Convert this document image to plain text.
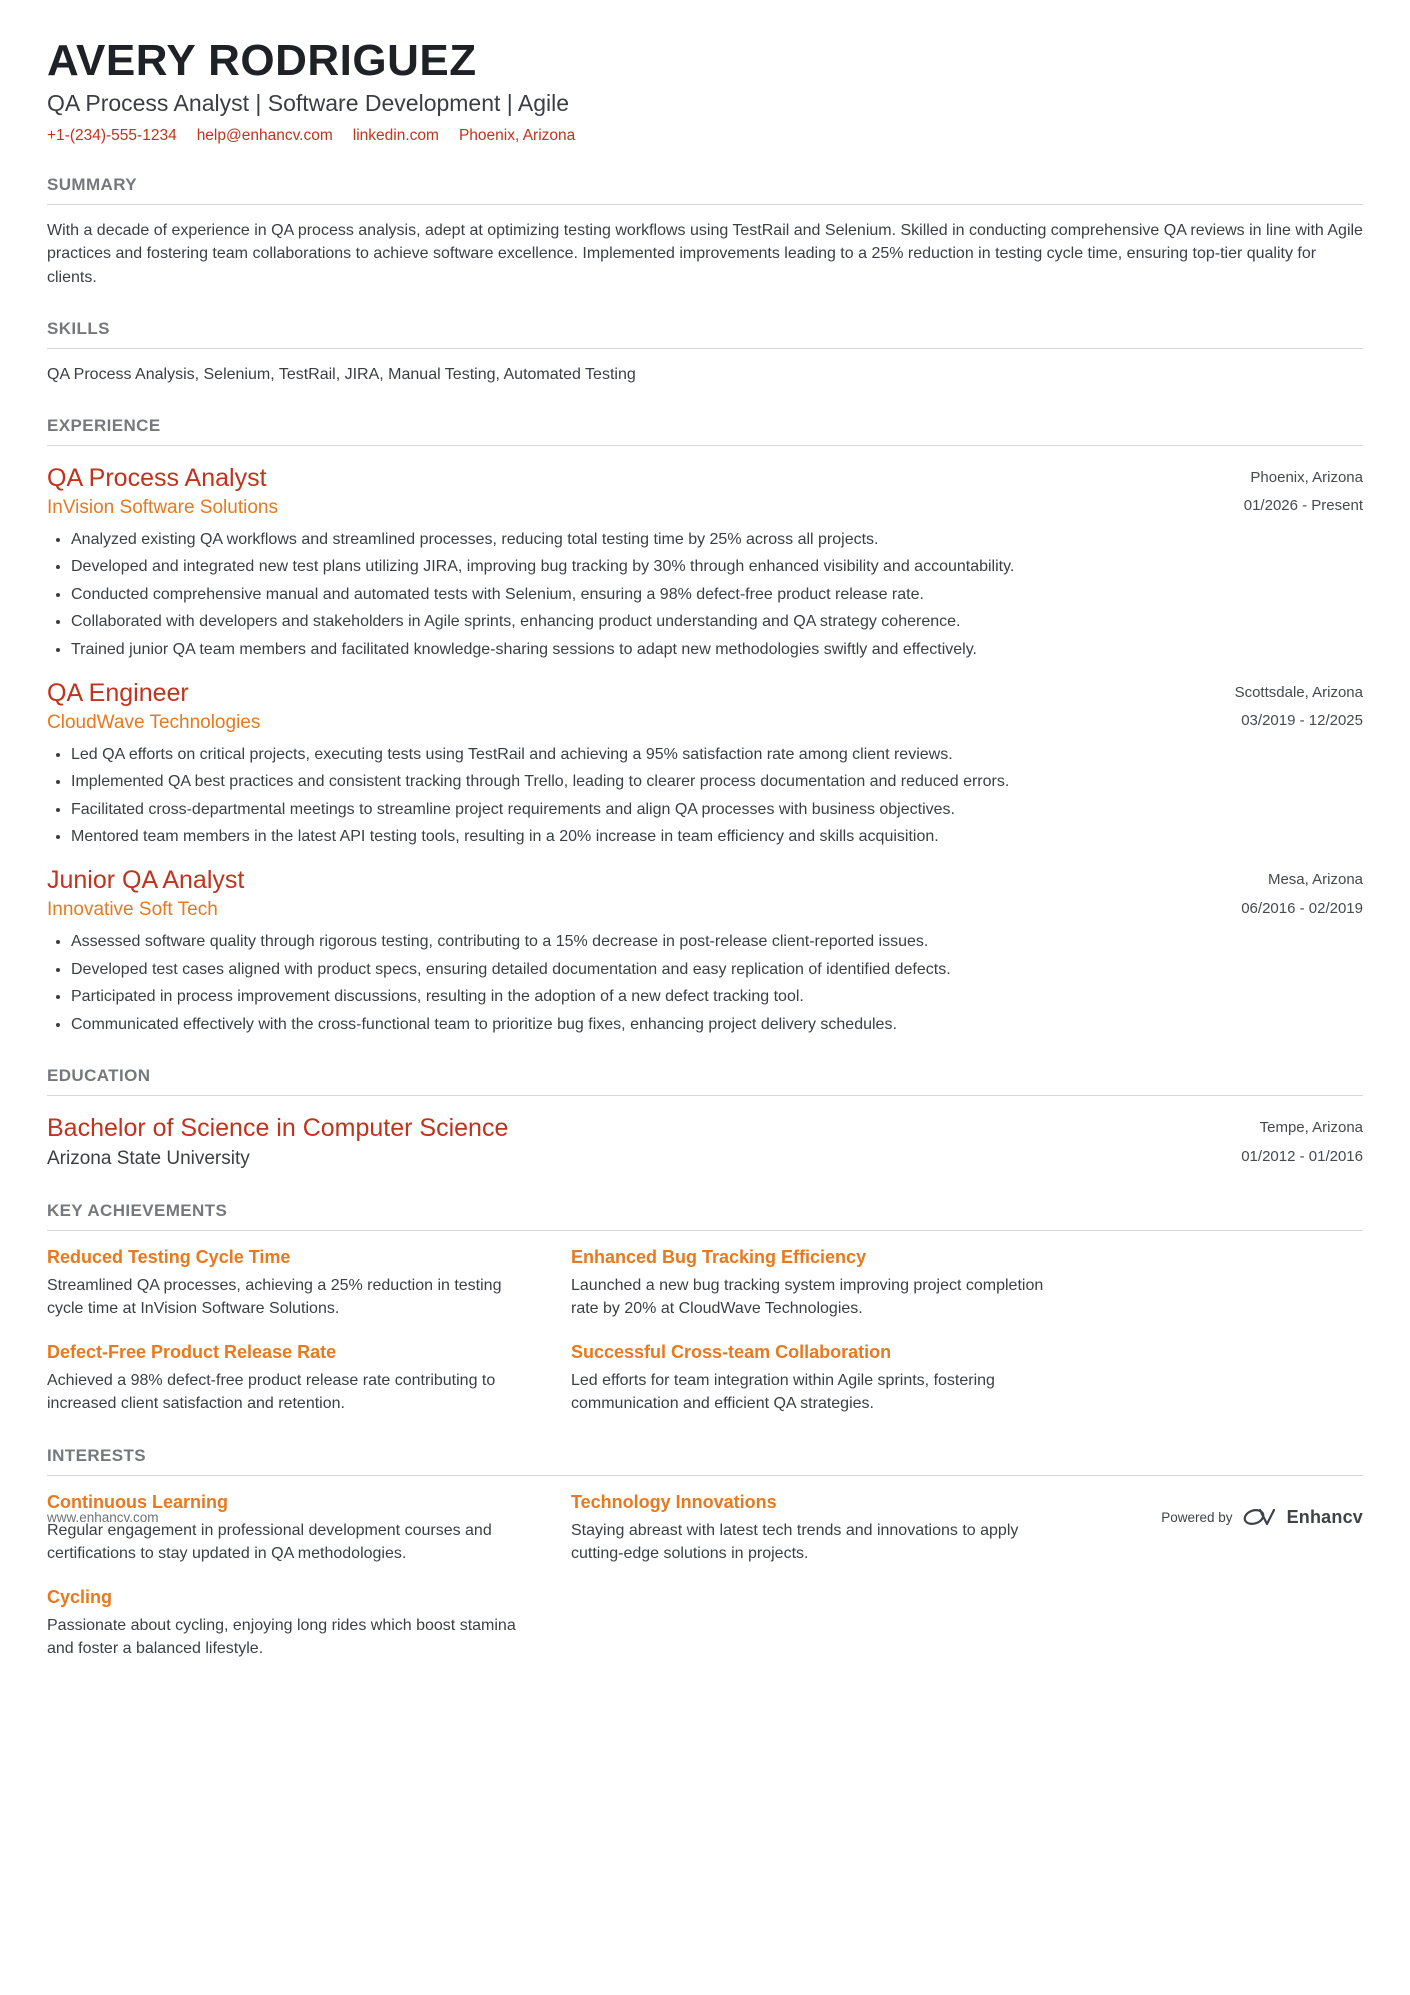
AVERY RODRIGUEZ
QA Process Analyst | Software Development | Agile
+1-(234)-555-1234 help@enhancv.com linkedin.com Phoenix, Arizona
SUMMARY

With a decade of experience in QA process analysis, adept at optimizing testing workflows using TestRail and Selenium. Skilled in conducting comprehensive QA reviews in line with Agile practices and fostering team collaborations to achieve software excellence. Implemented improvements leading to a 25% reduction in testing cycle time, ensuring top-tier quality for clients.

SKILLS

QA Process Analysis, Selenium, TestRail, JIRA, Manual Testing, Automated Testing

EXPERIENCE
QA Process Analyst
InVision Software Solutions
Phoenix, Arizona
01/2026 - Present
• Analyzed existing QA workflows and streamlined processes, reducing total testing time by 25% across all projects.
• Developed and integrated new test plans utilizing JIRA, improving bug tracking by 30% through enhanced visibility and accountability.
• Conducted comprehensive manual and automated tests with Selenium, ensuring a 98% defect-free product release rate.
• Collaborated with developers and stakeholders in Agile sprints, enhancing product understanding and QA strategy coherence.
• Trained junior QA team members and facilitated knowledge-sharing sessions to adapt new methodologies swiftly and effectively.
QA Engineer
CloudWave Technologies
Scottsdale, Arizona
03/2019 - 12/2025
• Led QA efforts on critical projects, executing tests using TestRail and achieving a 95% satisfaction rate among client reviews.
• Implemented QA best practices and consistent tracking through Trello, leading to clearer process documentation and reduced errors.
• Facilitated cross-departmental meetings to streamline project requirements and align QA processes with business objectives.
• Mentored team members in the latest API testing tools, resulting in a 20% increase in team efficiency and skills acquisition.
Junior QA Analyst
Innovative Soft Tech
Mesa, Arizona
06/2016 - 02/2019
• Assessed software quality through rigorous testing, contributing to a 15% decrease in post-release client-reported issues.
• Developed test cases aligned with product specs, ensuring detailed documentation and easy replication of identified defects.
• Participated in process improvement discussions, resulting in the adoption of a new defect tracking tool.
• Communicated effectively with the cross-functional team to prioritize bug fixes, enhancing project delivery schedules.
EDUCATION
Bachelor of Science in Computer Science
Arizona State University
Tempe, Arizona
01/2012 - 01/2016
KEY ACHIEVEMENTS
Reduced Testing Cycle Time
Streamlined QA processes, achieving a 25% reduction in testing cycle time at InVision Software Solutions.
Enhanced Bug Tracking Efficiency
Launched a new bug tracking system improving project completion rate by 20% at CloudWave Technologies.
Defect-Free Product Release Rate
Achieved a 98% defect-free product release rate contributing to increased client satisfaction and retention.
Successful Cross-team Collaboration
Led efforts for team integration within Agile sprints, fostering communication and efficient QA strategies.
INTERESTS
Continuous Learning
Regular engagement in professional development courses and certifications to stay updated in QA methodologies.
Technology Innovations
Staying abreast with latest tech trends and innovations to apply cutting-edge solutions in projects.
Cycling
Passionate about cycling, enjoying long rides which boost stamina and foster a balanced lifestyle.
www.enhancv.com	Powered by	Enhancv
